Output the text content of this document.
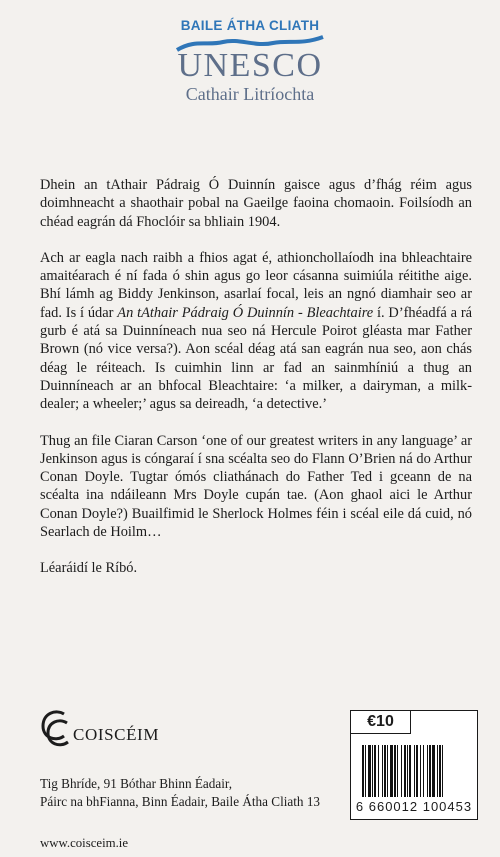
BAILE ÁTHA CLIATH
UNESCO
Cathair Litríochta

Dhein an tAthair Pádraig Ó Duinnín gaisce agus d’fhág réim agus doimhneacht a shaothair pobal na Gaeilge faoina chomaoin. Foilsíodh an chéad eagrán dá Fhoclóir sa bhliain 1904.

Ach ar eagla nach raibh a fhios agat é, athionchollaíodh ina bhleachtaire amaitéarach é ní fada ó shin agus go leor cásanna suimiúla réitithe aige. Bhí lámh ag Biddy Jenkinson, asarlaí focal, leis an ngnó diamhair seo ar fad. Is í údar An tAthair Pádraig Ó Duinnín - Bleachtaire í. D’fhéadfá a rá gurb é atá sa Duinníneach nua seo ná Hercule Poirot gléasta mar Father Brown (nó vice versa?). Aon scéal déag atá san eagrán nua seo, aon chás déag le réiteach. Is cuimhin linn ar fad an sainmhíniú a thug an Duinníneach ar an bhfocal Bleachtaire: ‘a milker, a dairyman, a milk-dealer; a wheeler;’ agus sa deireadh, ‘a detective.’

Thug an file Ciaran Carson ‘one of our greatest writers in any language’ ar Jenkinson agus is cóngaraí í sna scéalta seo do Flann O’Brien ná do Arthur Conan Doyle. Tugtar ómós cliathánach do Father Ted i gceann de na scéalta ina ndáileann Mrs Doyle cupán tae. (Aon ghaol aici le Arthur Conan Doyle?) Buailfimid le Sherlock Holmes féin i scéal eile dá cuid, nó Searlach de Hoilm…

Léaráidí le Ríbó.

COISCÉIM
Tig Bhríde, 91 Bóthar Bhinn Éadair,
Páirc na bhFianna, Binn Éadair, Baile Átha Cliath 13
www.coisceim.ie
€10
6 660012 100453
